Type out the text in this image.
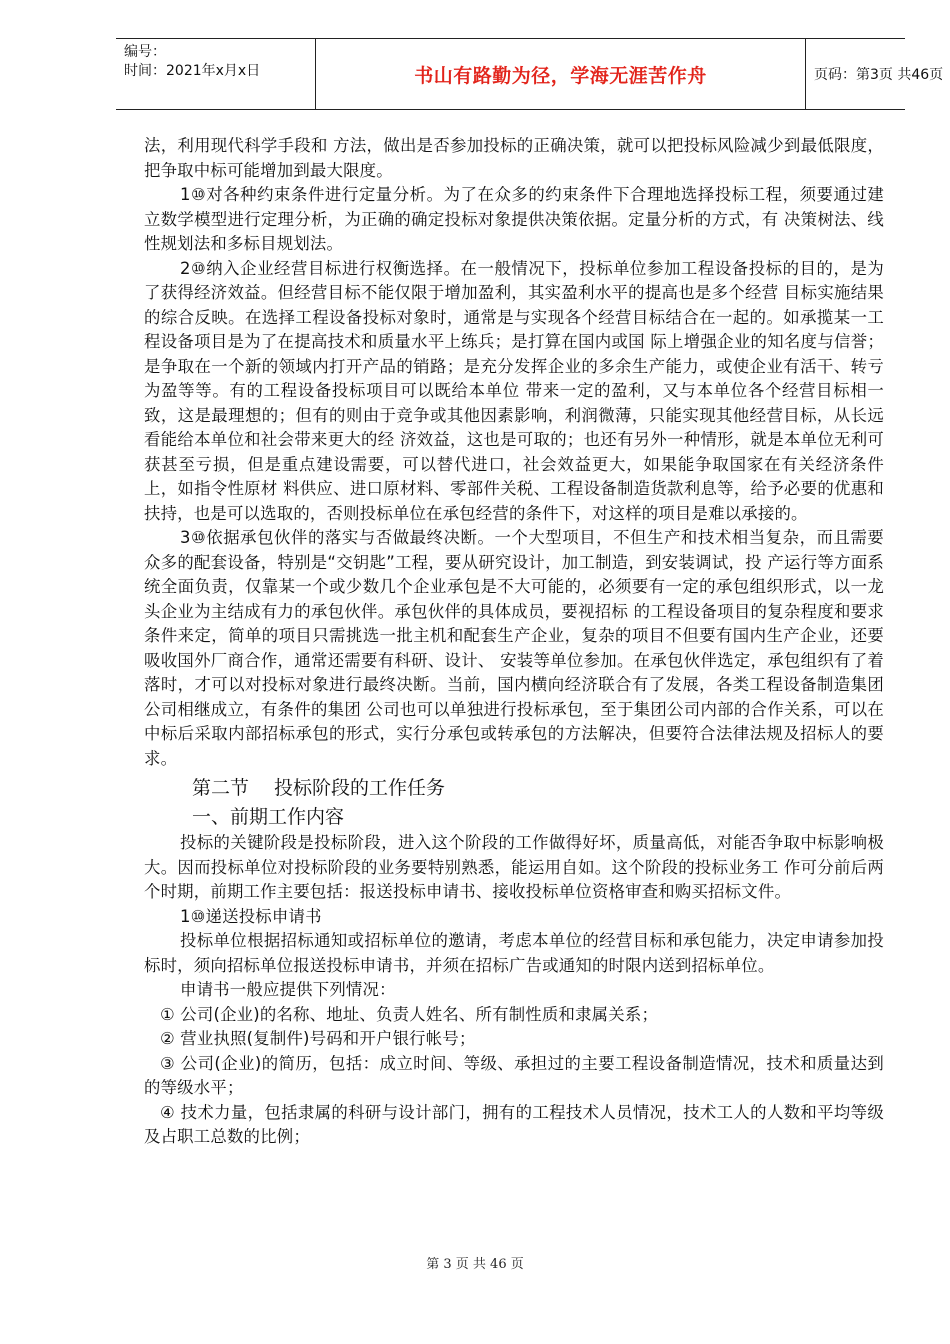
编号：
时间：2021年x月x日	书山有路勤为径，学海无涯苦作舟	页码：第3页 共46页

法，利用现代科学手段和 方法，做出是否参加投标的正确决策，就可以把投标风险减少到最低限度，把争取中标可能增加到最大限度。

1⑩对各种约束条件进行定量分析。为了在众多的约束条件下合理地选择投标工程，须要通过建立数学模型进行定理分析，为正确的确定投标对象提供决策依据。定量分析的方式，有 决策树法、线性规划法和多标目规划法。

2⑩纳入企业经营目标进行权衡选择。在一般情况下，投标单位参加工程设备投标的目的，是为了获得经济效益。但经营目标不能仅限于增加盈利，其实盈利水平的提高也是多个经营 目标实施结果的综合反映。在选择工程设备投标对象时，通常是与实现各个经营目标结合在一起的。如承揽某一工程设备项目是为了在提高技术和质量水平上练兵；是打算在国内或国 际上增强企业的知名度与信誉；是争取在一个新的领域内打开产品的销路；是充分发挥企业的多余生产能力，或使企业有活干、转亏为盈等等。有的工程设备投标项目可以既给本单位 带来一定的盈利，又与本单位各个经营目标相一致，这是最理想的；但有的则由于竞争或其他因素影响，利润微薄，只能实现其他经营目标，从长远看能给本单位和社会带来更大的经 济效益，这也是可取的；也还有另外一种情形，就是本单位无利可获甚至亏损，但是重点建设需要，可以替代进口，社会效益更大，如果能争取国家在有关经济条件上，如指令性原材 料供应、进口原材料、零部件关税、工程设备制造货款利息等，给予必要的优惠和扶持，也是可以选取的，否则投标单位在承包经营的条件下，对这样的项目是难以承接的。

3⑩依据承包伙伴的落实与否做最终决断。一个大型项目，不但生产和技术相当复杂，而且需要众多的配套设备，特别是“交钥匙”工程，要从研究设计，加工制造，到安装调试，投 产运行等方面系统全面负责，仅靠某一个或少数几个企业承包是不大可能的，必须要有一定的承包组织形式，以一龙头企业为主结成有力的承包伙伴。承包伙伴的具体成员，要视招标 的工程设备项目的复杂程度和要求条件来定，简单的项目只需挑选一批主机和配套生产企业，复杂的项目不但要有国内生产企业，还要吸收国外厂商合作，通常还需要有科研、设计、 安装等单位参加。在承包伙伴选定，承包组织有了着落时，才可以对投标对象进行最终决断。当前，国内横向经济联合有了发展，各类工程设备制造集团公司相继成立，有条件的集团 公司也可以单独进行投标承包，至于集团公司内部的合作关系，可以在中标后采取内部招标承包的形式，实行分承包或转承包的方法解决，但要符合法律法规及招标人的要求。

第二节　 投标阶段的工作任务
一、前期工作内容

投标的关键阶段是投标阶段，进入这个阶段的工作做得好坏，质量高低，对能否争取中标影响极大。因而投标单位对投标阶段的业务要特别熟悉，能运用自如。这个阶段的投标业务工 作可分前后两个时期，前期工作主要包括：报送投标申请书、接收投标单位资格审查和购买招标文件。

1⑩递送投标申请书

投标单位根据招标通知或招标单位的邀请，考虑本单位的经营目标和承包能力，决定申请参加投标时，须向招标单位报送投标申请书，并须在招标广告或通知的时限内送到招标单位。

申请书一般应提供下列情况：

① 公司(企业)的名称、地址、负责人姓名、所有制性质和隶属关系；

② 营业执照(复制件)号码和开户银行帐号；

③ 公司(企业)的简历，包括：成立时间、等级、承担过的主要工程设备制造情况，技术和质量达到的等级水平；

④ 技术力量，包括隶属的科研与设计部门，拥有的工程技术人员情况，技术工人的人数和平均等级及占职工总数的比例；

第 3 页 共 46 页
